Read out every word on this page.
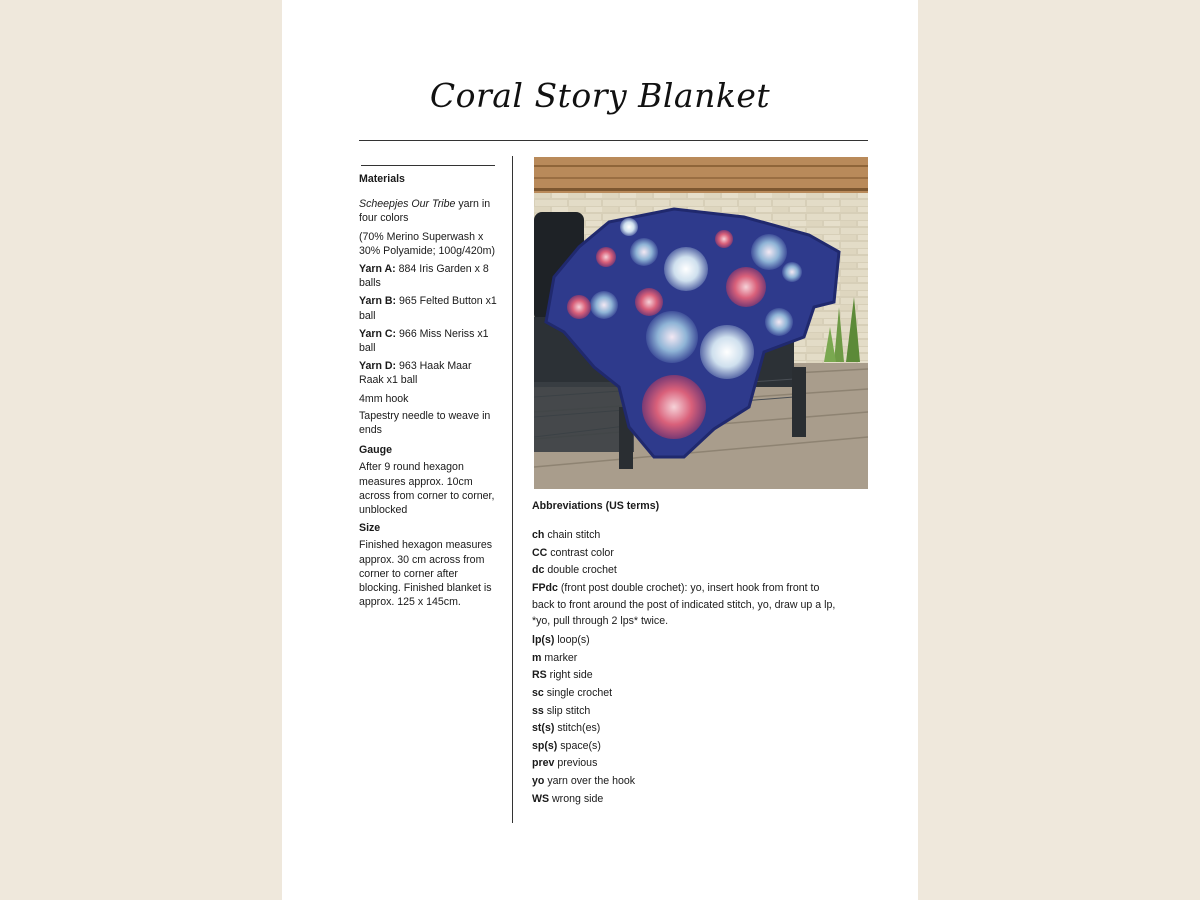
Coral Story Blanket

Materials

Scheepjes Our Tribe yarn in four colors

(70% Merino Superwash x 30% Polyamide; 100g/420m)

Yarn A: 884 Iris Garden x 8 balls

Yarn B: 965 Felted Button x1 ball

Yarn C: 966 Miss Neriss x1 ball

Yarn D: 963 Haak Maar Raak x1 ball

4mm hook

Tapestry needle to weave in ends

Gauge

After 9 round hexagon measures approx. 10cm across from corner to corner, unblocked

Size

Finished hexagon measures approx. 30 cm across from corner to corner after blocking. Finished blanket is approx. 125 x 145cm.

Abbreviations (US terms)
ch chain stitch
CC contrast color
dc double crochet
FPdc (front post double crochet): yo, insert hook from front to back to front around the post of indicated stitch, yo, draw up a lp, *yo, pull through 2 lps* twice.
lp(s) loop(s)
m marker
RS right side
sc single crochet
ss slip stitch
st(s) stitch(es)
sp(s) space(s)
prev previous
yo yarn over the hook
WS wrong side
